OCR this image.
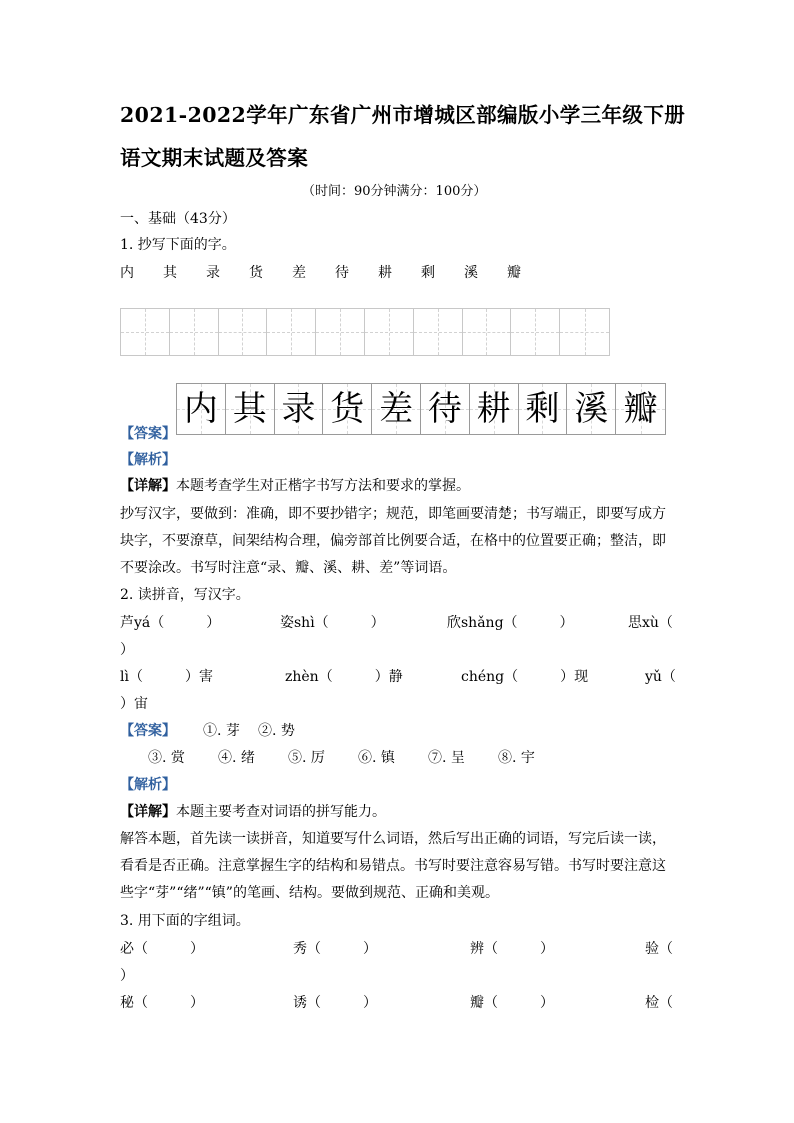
2021-2022学年广东省广州市增城区部编版小学三年级下册
语文期末试题及答案
（时间：90分钟满分：100分）
一、基础（43分）
1. 抄写下面的字。
内 其 录 货 差 待 耕 剩 溪 瓣
【答案】
内 其 录 货 差 待 耕 剩 溪 瓣
【解析】
【详解】本题考查学生对正楷字书写方法和要求的掌握。
抄写汉字，要做到：准确，即不要抄错字；规范，即笔画要清楚；书写端正，即要写成方
块字，不要潦草，间架结构合理，偏旁部首比例要合适，在格中的位置要正确；整洁，即
不要涂改。书写时注意“录、瓣、溪、耕、差”等词语。
2. 读拼音，写汉字。
芦yá（　　　）	姿shì（　　　）	欣shǎng（　　　）	思xù（
）
lì（　　　）害	zhèn（　　　）静	chéng（　　　）现	yǔ（
）宙
【答案】 ①. 芽 ②. 势
③. 赏 ④. 绪 ⑤. 厉 ⑥. 镇 ⑦. 呈 ⑧. 宇
【解析】
【详解】本题主要考查对词语的拼写能力。
解答本题，首先读一读拼音，知道要写什么词语，然后写出正确的词语，写完后读一读，
看看是否正确。注意掌握生字的结构和易错点。书写时要注意容易写错。书写时要注意这
些字“芽”“绪”“镇”的笔画、结构。要做到规范、正确和美观。
3. 用下面的字组词。
必（　　　）	秀（　　　）	辨（　　　）	验（
）
秘（　　　）	诱（　　　）	瓣（　　　）	检（
